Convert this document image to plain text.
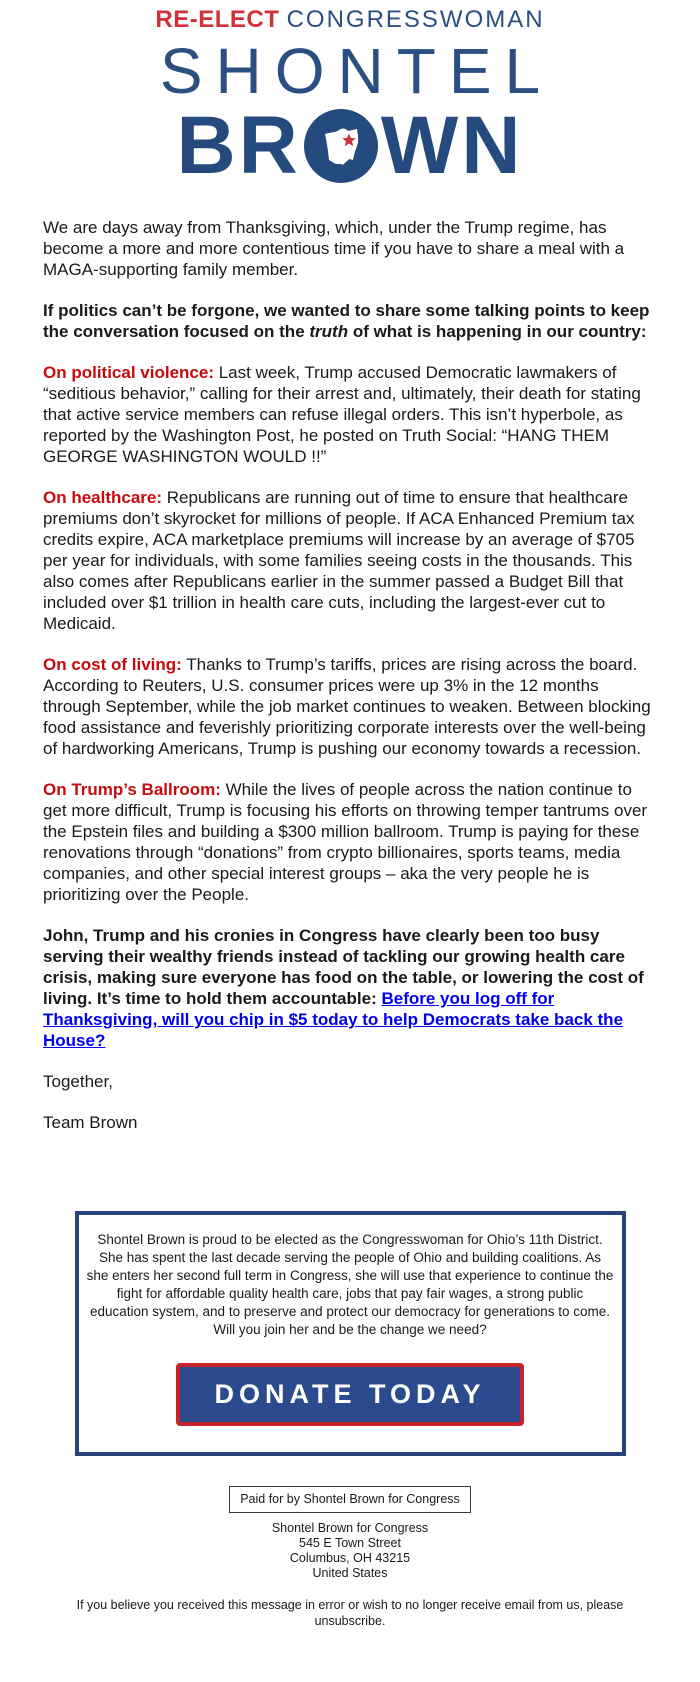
RE-ELECT CONGRESSWOMAN
SHONTEL
BR WN

We are days away from Thanksgiving, which, under the Trump regime, has become a more and more contentious time if you have to share a meal with a MAGA-supporting family member.

If politics can’t be forgone, we wanted to share some talking points to keep the conversation focused on the truth of what is happening in our country:

On political violence: Last week, Trump accused Democratic lawmakers of “seditious behavior,” calling for their arrest and, ultimately, their death for stating that active service members can refuse illegal orders. This isn’t hyperbole, as reported by the Washington Post, he posted on Truth Social: “HANG THEM GEORGE WASHINGTON WOULD !!”

On healthcare: Republicans are running out of time to ensure that healthcare premiums don’t skyrocket for millions of people. If ACA Enhanced Premium tax credits expire, ACA marketplace premiums will increase by an average of $705 per year for individuals, with some families seeing costs in the thousands. This also comes after Republicans earlier in the summer passed a Budget Bill that included over $1 trillion in health care cuts, including the largest-ever cut to Medicaid.

On cost of living: Thanks to Trump’s tariffs, prices are rising across the board. According to Reuters, U.S. consumer prices were up 3% in the 12 months through September, while the job market continues to weaken. Between blocking food assistance and feverishly prioritizing corporate interests over the well-being of hardworking Americans, Trump is pushing our economy towards a recession.

On Trump’s Ballroom: While the lives of people across the nation continue to get more difficult, Trump is focusing his efforts on throwing temper tantrums over the Epstein files and building a $300 million ballroom. Trump is paying for these renovations through “donations” from crypto billionaires, sports teams, media companies, and other special interest groups – aka the very people he is prioritizing over the People.

John, Trump and his cronies in Congress have clearly been too busy serving their wealthy friends instead of tackling our growing health care crisis, making sure everyone has food on the table, or lowering the cost of living. It’s time to hold them accountable: Before you log off for Thanksgiving, will you chip in $5 today to help Democrats take back the House?

Together,

Team Brown

Shontel Brown is proud to be elected as the Congresswoman for Ohio’s 11th District. She has spent the last decade serving the people of Ohio and building coalitions. As she enters her second full term in Congress, she will use that experience to continue the fight for affordable quality health care, jobs that pay fair wages, a strong public education system, and to preserve and protect our democracy for generations to come. Will you join her and be the change we need?

DONATE TODAY
Paid for by Shontel Brown for Congress
Shontel Brown for Congress
545 E Town Street
Columbus, OH 43215
United States
If you believe you received this message in error or wish to no longer receive email from us, please unsubscribe.
